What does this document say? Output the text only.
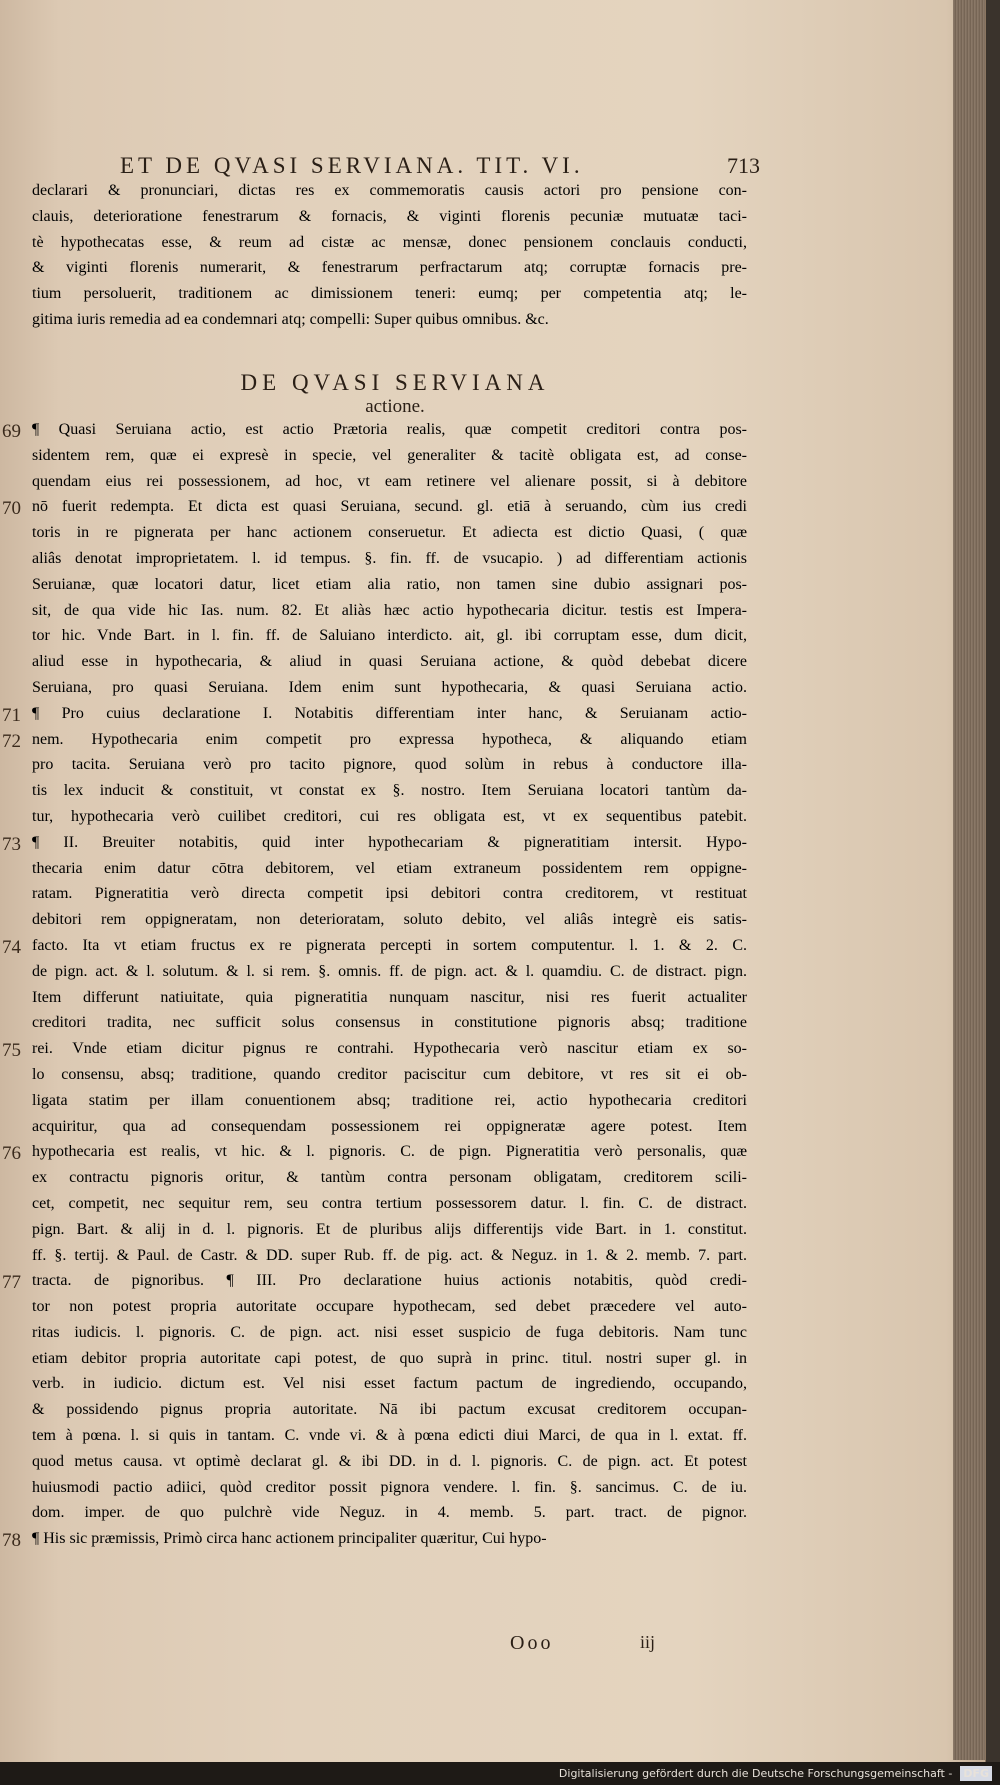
ET DE QVASI SERVIANA. TIT. VI.	713
declarari & pronunciari, dictas res ex commemoratis causis actori pro pensione con-
clauis, deterioratione fenestrarum & fornacis, & viginti florenis pecuniæ mutuatæ taci-
tè hypothecatas esse, & reum ad cistæ ac mensæ, donec pensionem conclauis conducti,
& viginti florenis numerarit, & fenestrarum perfractarum atq; corruptæ fornacis pre-
tium persoluerit, traditionem ac dimissionem teneri: eumq; per competentia atq; le-
gitima iuris remedia ad ea condemnari atq; compelli: Super quibus omnibus. &c.
DE QVASI SERVIANA
actione.
¶ Quasi Seruiana actio, est actio Prætoria realis, quæ competit creditori contra pos-
sidentem rem, quæ ei expresè in specie, vel generaliter & tacitè obligata est, ad conse-
quendam eius rei possessionem, ad hoc, vt eam retinere vel alienare possit, si à debitore
nō fuerit redempta. Et dicta est quasi Seruiana, secund. gl. etiā à seruando, cùm ius credi
toris in re pignerata per hanc actionem conseruetur. Et adiecta est dictio Quasi, ( quæ
aliâs denotat improprietatem. l. id tempus. §. fin. ff. de vsucapio. ) ad differentiam actionis
Seruianæ, quæ locatori datur, licet etiam alia ratio, non tamen sine dubio assignari pos-
sit, de qua vide hic Ias. num. 82. Et aliàs hæc actio hypothecaria dicitur. testis est Impera-
tor hic. Vnde Bart. in l. fin. ff. de Saluiano interdicto. ait, gl. ibi corruptam esse, dum dicit,
aliud esse in hypothecaria, & aliud in quasi Seruiana actione, & quòd debebat dicere
Seruiana, pro quasi Seruiana. Idem enim sunt hypothecaria, & quasi Seruiana actio.
¶ Pro cuius declaratione I. Notabitis differentiam inter hanc, & Seruianam actio-
nem. Hypothecaria enim competit pro expressa hypotheca, & aliquando etiam
pro tacita. Seruiana verò pro tacito pignore, quod solùm in rebus à conductore illa-
tis lex inducit & constituit, vt constat ex §. nostro. Item Seruiana locatori tantùm da-
tur, hypothecaria verò cuilibet creditori, cui res obligata est, vt ex sequentibus patebit.
¶ II. Breuiter notabitis, quid inter hypothecariam & pigneratitiam intersit. Hypo-
thecaria enim datur cōtra debitorem, vel etiam extraneum possidentem rem oppigne-
ratam. Pigneratitia verò directa competit ipsi debitori contra creditorem, vt restituat
debitori rem oppigneratam, non deterioratam, soluto debito, vel aliâs integrè eis satis-
facto. Ita vt etiam fructus ex re pignerata percepti in sortem computentur. l. 1. & 2. C.
de pign. act. & l. solutum. & l. si rem. §. omnis. ff. de pign. act. & l. quamdiu. C. de distract. pign.
Item differunt natiuitate, quia pigneratitia nunquam nascitur, nisi res fuerit actualiter
creditori tradita, nec sufficit solus consensus in constitutione pignoris absq; traditione
rei. Vnde etiam dicitur pignus re contrahi. Hypothecaria verò nascitur etiam ex so-
lo consensu, absq; traditione, quando creditor paciscitur cum debitore, vt res sit ei ob-
ligata statim per illam conuentionem absq; traditione rei, actio hypothecaria creditori
acquiritur, qua ad consequendam possessionem rei oppigneratæ agere potest. Item
hypothecaria est realis, vt hic. & l. pignoris. C. de pign. Pigneratitia verò personalis, quæ
ex contractu pignoris oritur, & tantùm contra personam obligatam, creditorem scili-
cet, competit, nec sequitur rem, seu contra tertium possessorem datur. l. fin. C. de distract.
pign. Bart. & alij in d. l. pignoris. Et de pluribus alijs differentijs vide Bart. in 1. constitut.
ff. §. tertij. & Paul. de Castr. & DD. super Rub. ff. de pig. act. & Neguz. in 1. & 2. memb. 7. part.
tracta. de pignoribus. ¶ III. Pro declaratione huius actionis notabitis, quòd credi-
tor non potest propria autoritate occupare hypothecam, sed debet præcedere vel auto-
ritas iudicis. l. pignoris. C. de pign. act. nisi esset suspicio de fuga debitoris. Nam tunc
etiam debitor propria autoritate capi potest, de quo suprà in princ. titul. nostri super gl. in
verb. in iudicio. dictum est. Vel nisi esset factum pactum de ingrediendo, occupando,
& possidendo pignus propria autoritate. Nā ibi pactum excusat creditorem occupan-
tem à pœna. l. si quis in tantam. C. vnde vi. & à pœna edicti diui Marci, de qua in l. extat. ff.
quod metus causa. vt optimè declarat gl. & ibi DD. in d. l. pignoris. C. de pign. act. Et potest
huiusmodi pactio adiici, quòd creditor possit pignora vendere. l. fin. §. sancimus. C. de iu.
dom. imper. de quo pulchrè vide Neguz. in 4. memb. 5. part. tract. de pignor.
¶ His sic præmissis, Primò circa hanc actionem principaliter quæritur, Cui hypo-
69
70
71
72
73
74
75
76
77
78
Ooo	iij
Digitalisierung gefördert durch die Deutsche Forschungsgemeinschaft - DFG
